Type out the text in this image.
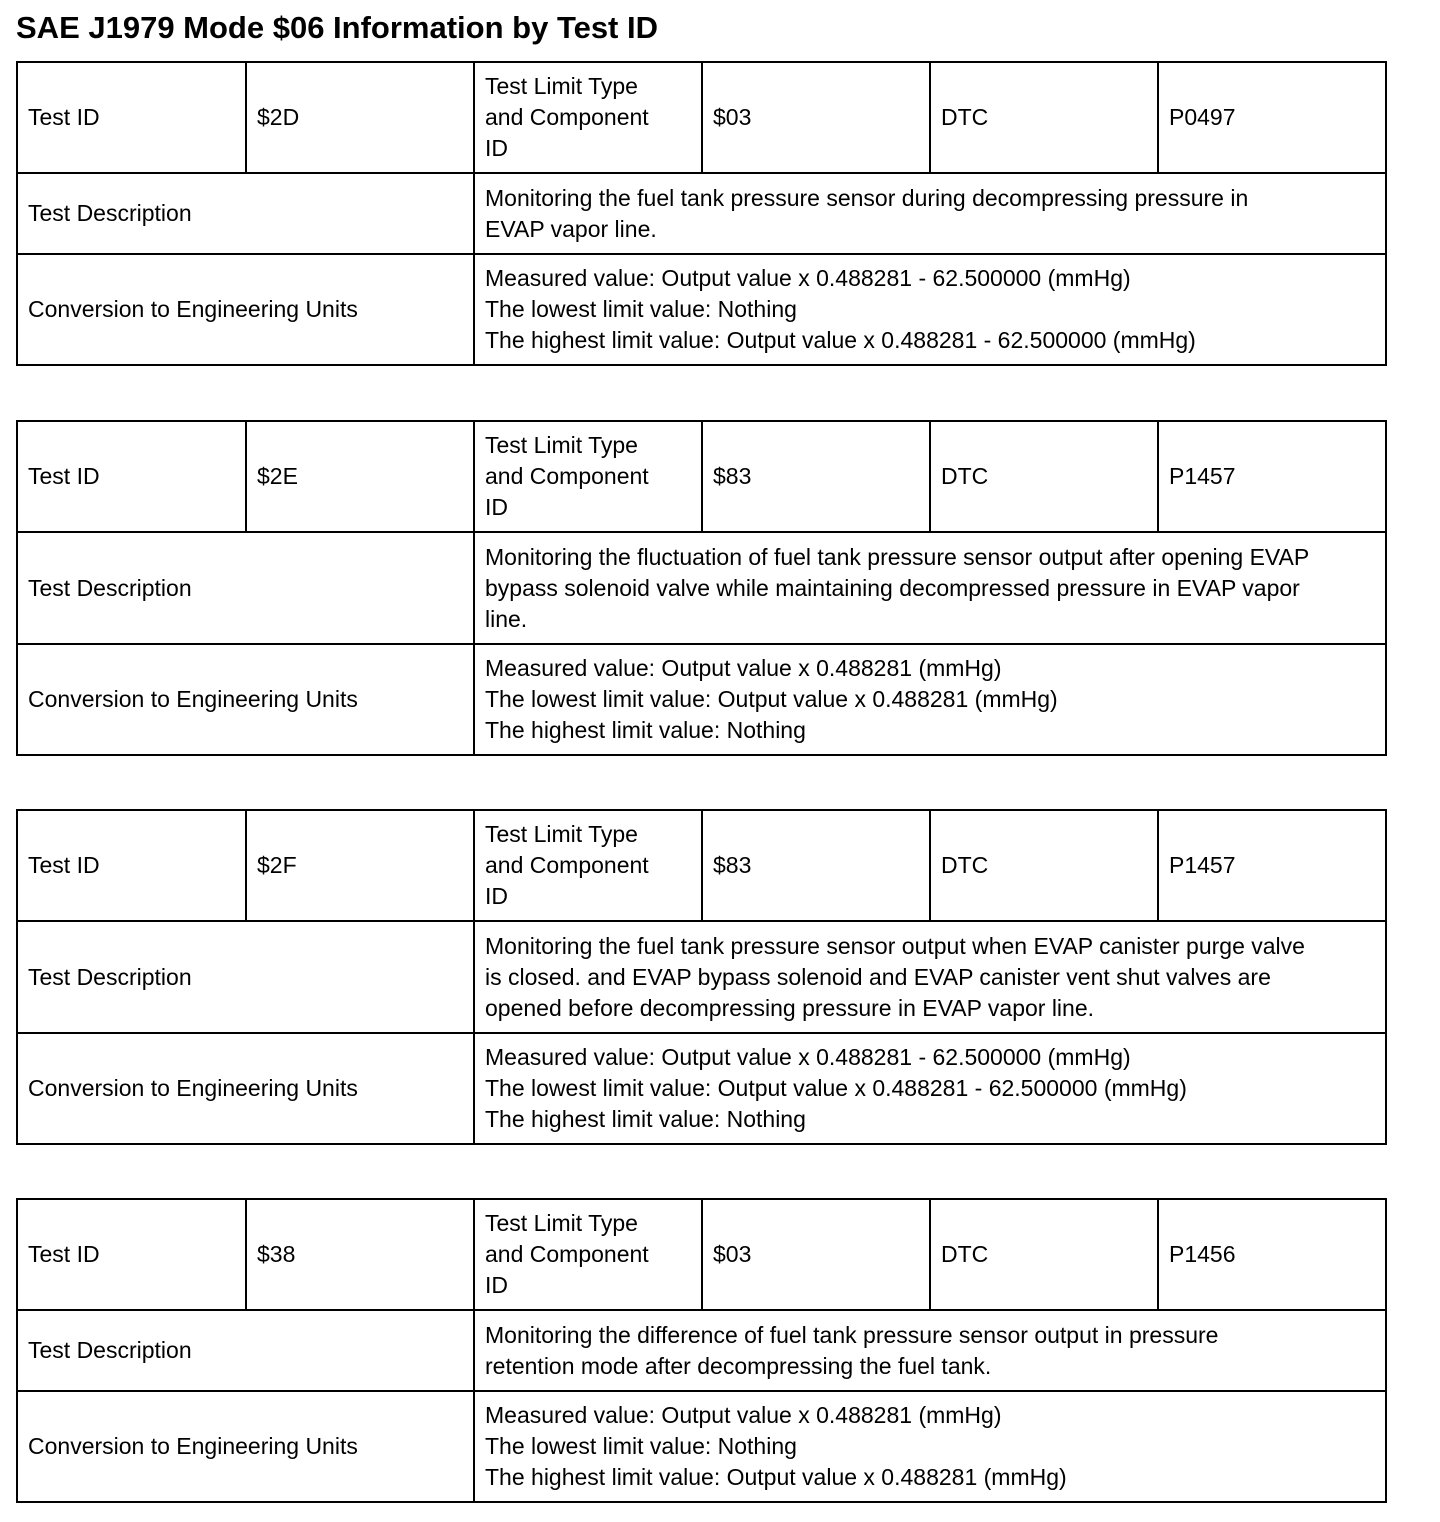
SAE J1979 Mode $06 Information by Test ID
Test ID	$2D	Test Limit Type
and Component
ID	$03	DTC	P0497
Test Description		Monitoring the fuel tank pressure sensor during decompressing pressure in
EVAP vapor line.			
Conversion to Engineering Units		Measured value: Output value x 0.488281 - 62.500000 (mmHg)
The lowest limit value: Nothing
The highest limit value: Output value x 0.488281 - 62.500000 (mmHg)			
Test ID	$2E	Test Limit Type
and Component
ID	$83	DTC	P1457
Test Description		Monitoring the fluctuation of fuel tank pressure sensor output after opening EVAP
bypass solenoid valve while maintaining decompressed pressure in EVAP vapor
line.			
Conversion to Engineering Units		Measured value: Output value x 0.488281 (mmHg)
The lowest limit value: Output value x 0.488281 (mmHg)
The highest limit value: Nothing			
Test ID	$2F	Test Limit Type
and Component
ID	$83	DTC	P1457
Test Description		Monitoring the fuel tank pressure sensor output when EVAP canister purge valve
is closed. and EVAP bypass solenoid and EVAP canister vent shut valves are
opened before decompressing pressure in EVAP vapor line.			
Conversion to Engineering Units		Measured value: Output value x 0.488281 - 62.500000 (mmHg)
The lowest limit value: Output value x 0.488281 - 62.500000 (mmHg)
The highest limit value: Nothing			
Test ID	$38	Test Limit Type
and Component
ID	$03	DTC	P1456
Test Description		Monitoring the difference of fuel tank pressure sensor output in pressure
retention mode after decompressing the fuel tank.			
Conversion to Engineering Units		Measured value: Output value x 0.488281 (mmHg)
The lowest limit value: Nothing
The highest limit value: Output value x 0.488281 (mmHg)			
